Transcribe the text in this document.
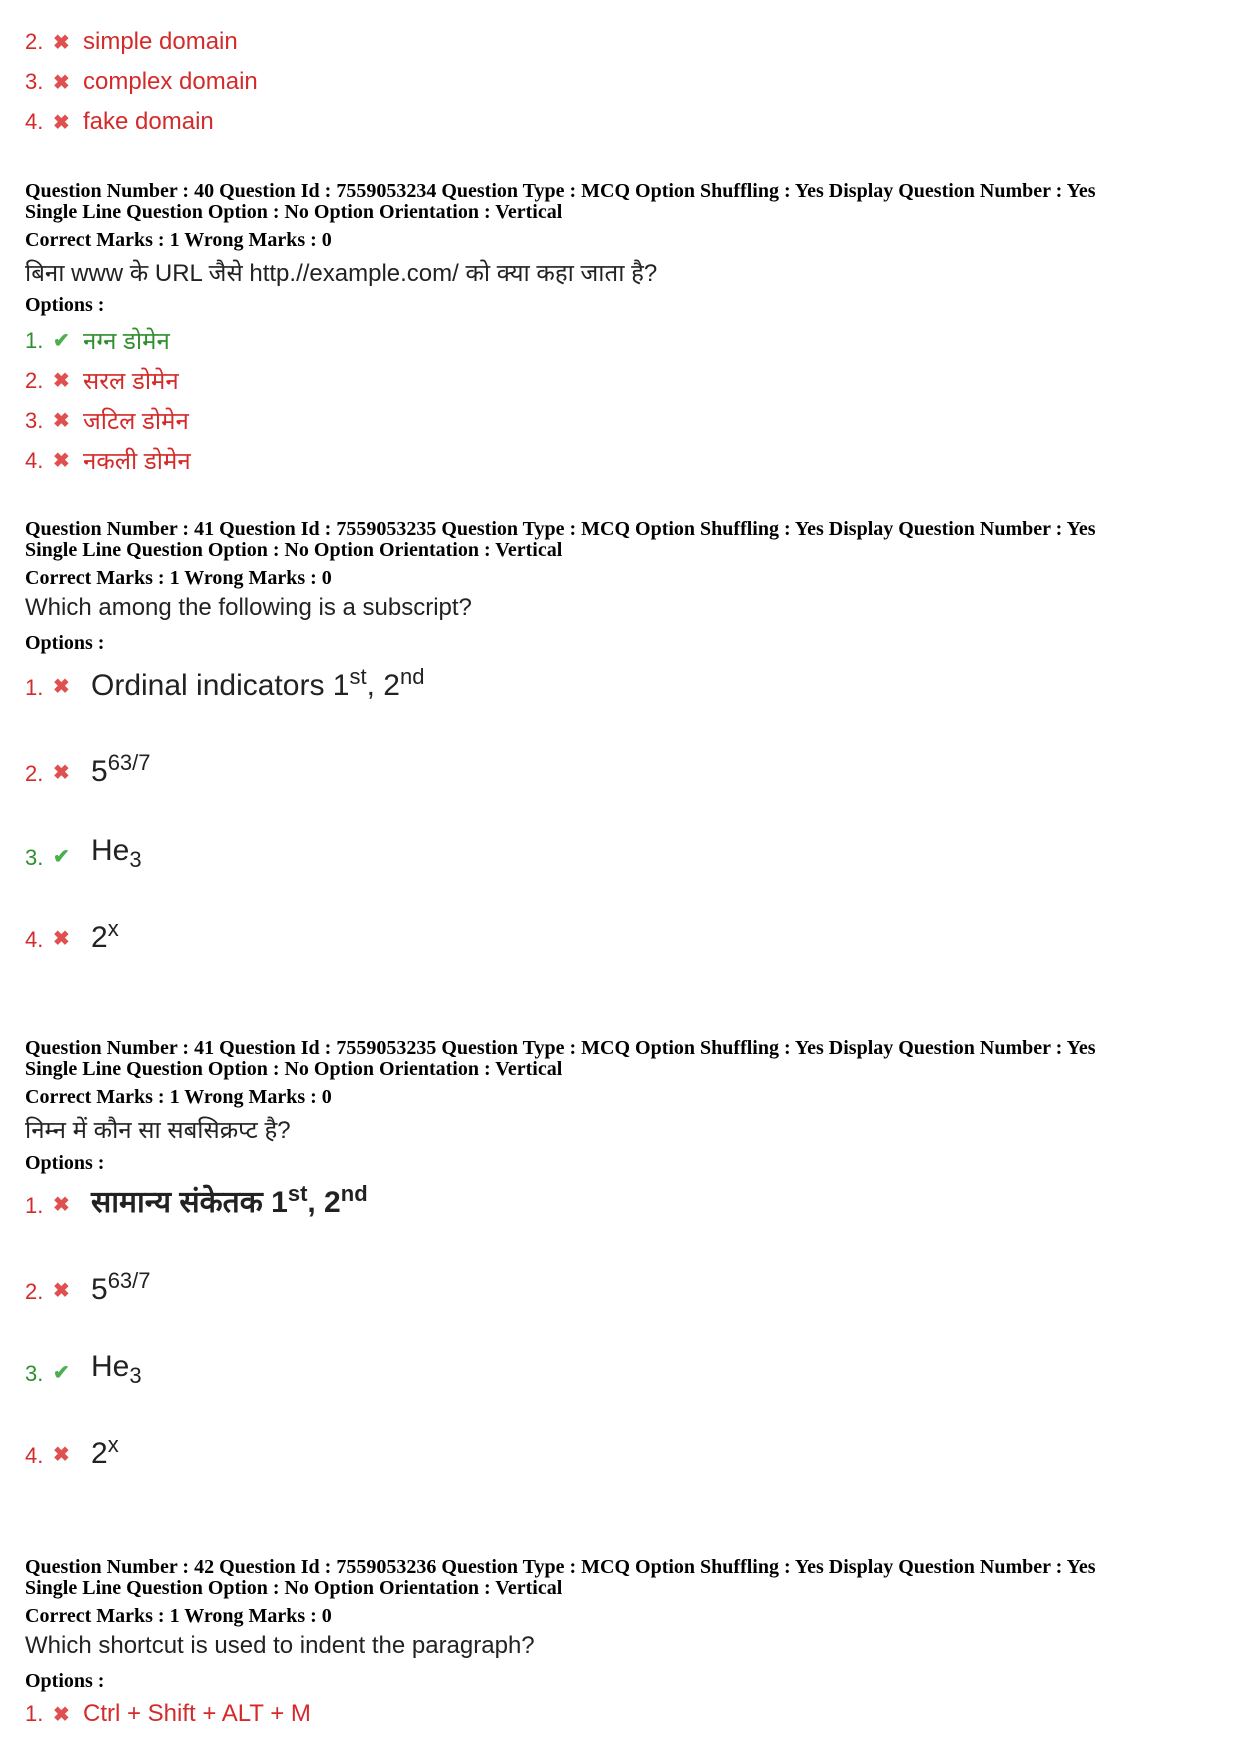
2. ✖ simple domain
3. ✖ complex domain
4. ✖ fake domain
Question Number : 40 Question Id : 7559053234 Question Type : MCQ Option Shuffling : Yes Display Question Number : Yes
Single Line Question Option : No Option Orientation : Vertical
Correct Marks : 1 Wrong Marks : 0
बिना www के URL जैसे http.//example.com/ को क्या कहा जाता है?
Options :
1. ✔ नग्न डोमेन
2. ✖ सरल डोमेन
3. ✖ जटिल डोमेन
4. ✖ नकली डोमेन
Question Number : 41 Question Id : 7559053235 Question Type : MCQ Option Shuffling : Yes Display Question Number : Yes
Single Line Question Option : No Option Orientation : Vertical
Correct Marks : 1 Wrong Marks : 0
Which among the following is a subscript?
Options :
1. ✖ Ordinal indicators 1st, 2nd
2. ✖ $5^{63/7}$
3. ✔ $He_3$
4. ✖ 2$^x$
Question Number : 41 Question Id : 7559053235 Question Type : MCQ Option Shuffling : Yes Display Question Number : Yes
Single Line Question Option : No Option Orientation : Vertical
Correct Marks : 1 Wrong Marks : 0
निम्न में कौन सा सबसिक्रप्ट है?
Options :
1. ✖ सामान्य संकेतक 1st, 2nd
2. ✖ $5^{63/7}$
3. ✔ $He_3$
4. ✖ 2$^x$
Question Number : 42 Question Id : 7559053236 Question Type : MCQ Option Shuffling : Yes Display Question Number : Yes
Single Line Question Option : No Option Orientation : Vertical
Correct Marks : 1 Wrong Marks : 0
Which shortcut is used to indent the paragraph?
Options :
1. ✖ Ctrl + Shift + ALT + M
